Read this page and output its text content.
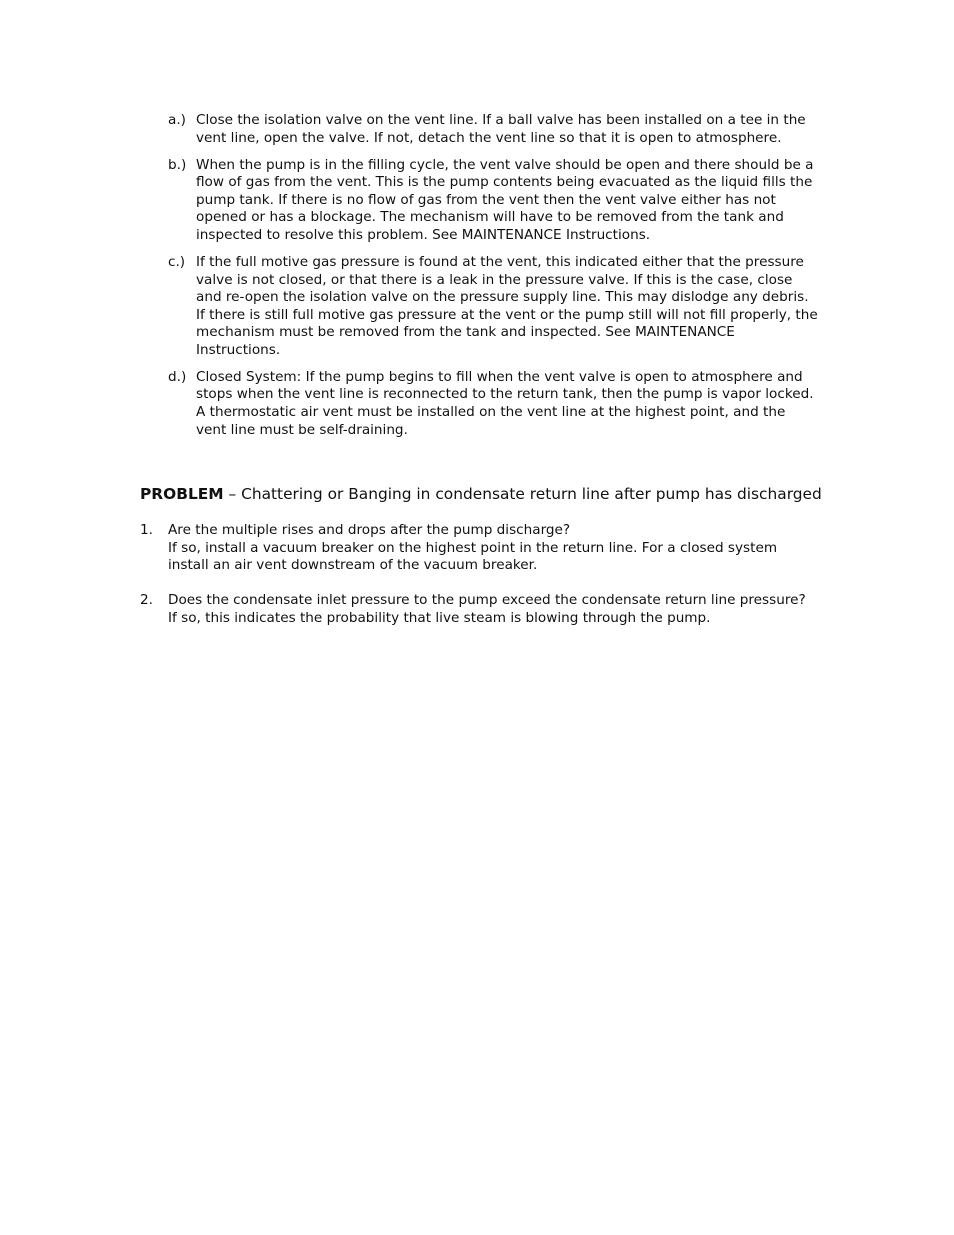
a.) Close the isolation valve on the vent line. If a ball valve has been installed on a tee in the vent line, open the valve. If not, detach the vent line so that it is open to atmosphere.
b.) When the pump is in the filling cycle, the vent valve should be open and there should be a flow of gas from the vent. This is the pump contents being evacuated as the liquid fills the pump tank. If there is no flow of gas from the vent then the vent valve either has not opened or has a blockage. The mechanism will have to be removed from the tank and inspected to resolve this problem. See MAINTENANCE Instructions.
c.) If the full motive gas pressure is found at the vent, this indicated either that the pressure valve is not closed, or that there is a leak in the pressure valve. If this is the case, close and re-open the isolation valve on the pressure supply line. This may dislodge any debris. If there is still full motive gas pressure at the vent or the pump still will not fill properly, the mechanism must be removed from the tank and inspected. See MAINTENANCE Instructions.
d.) Closed System: If the pump begins to fill when the vent valve is open to atmosphere and stops when the vent line is reconnected to the return tank, then the pump is vapor locked. A thermostatic air vent must be installed on the vent line at the highest point, and the vent line must be self-draining.

PROBLEM – Chattering or Banging in condensate return line after pump has discharged

1. Are the multiple rises and drops after the pump discharge?
If so, install a vacuum breaker on the highest point in the return line. For a closed system install an air vent downstream of the vacuum breaker.
2. Does the condensate inlet pressure to the pump exceed the condensate return line pressure?
If so, this indicates the probability that live steam is blowing through the pump.
